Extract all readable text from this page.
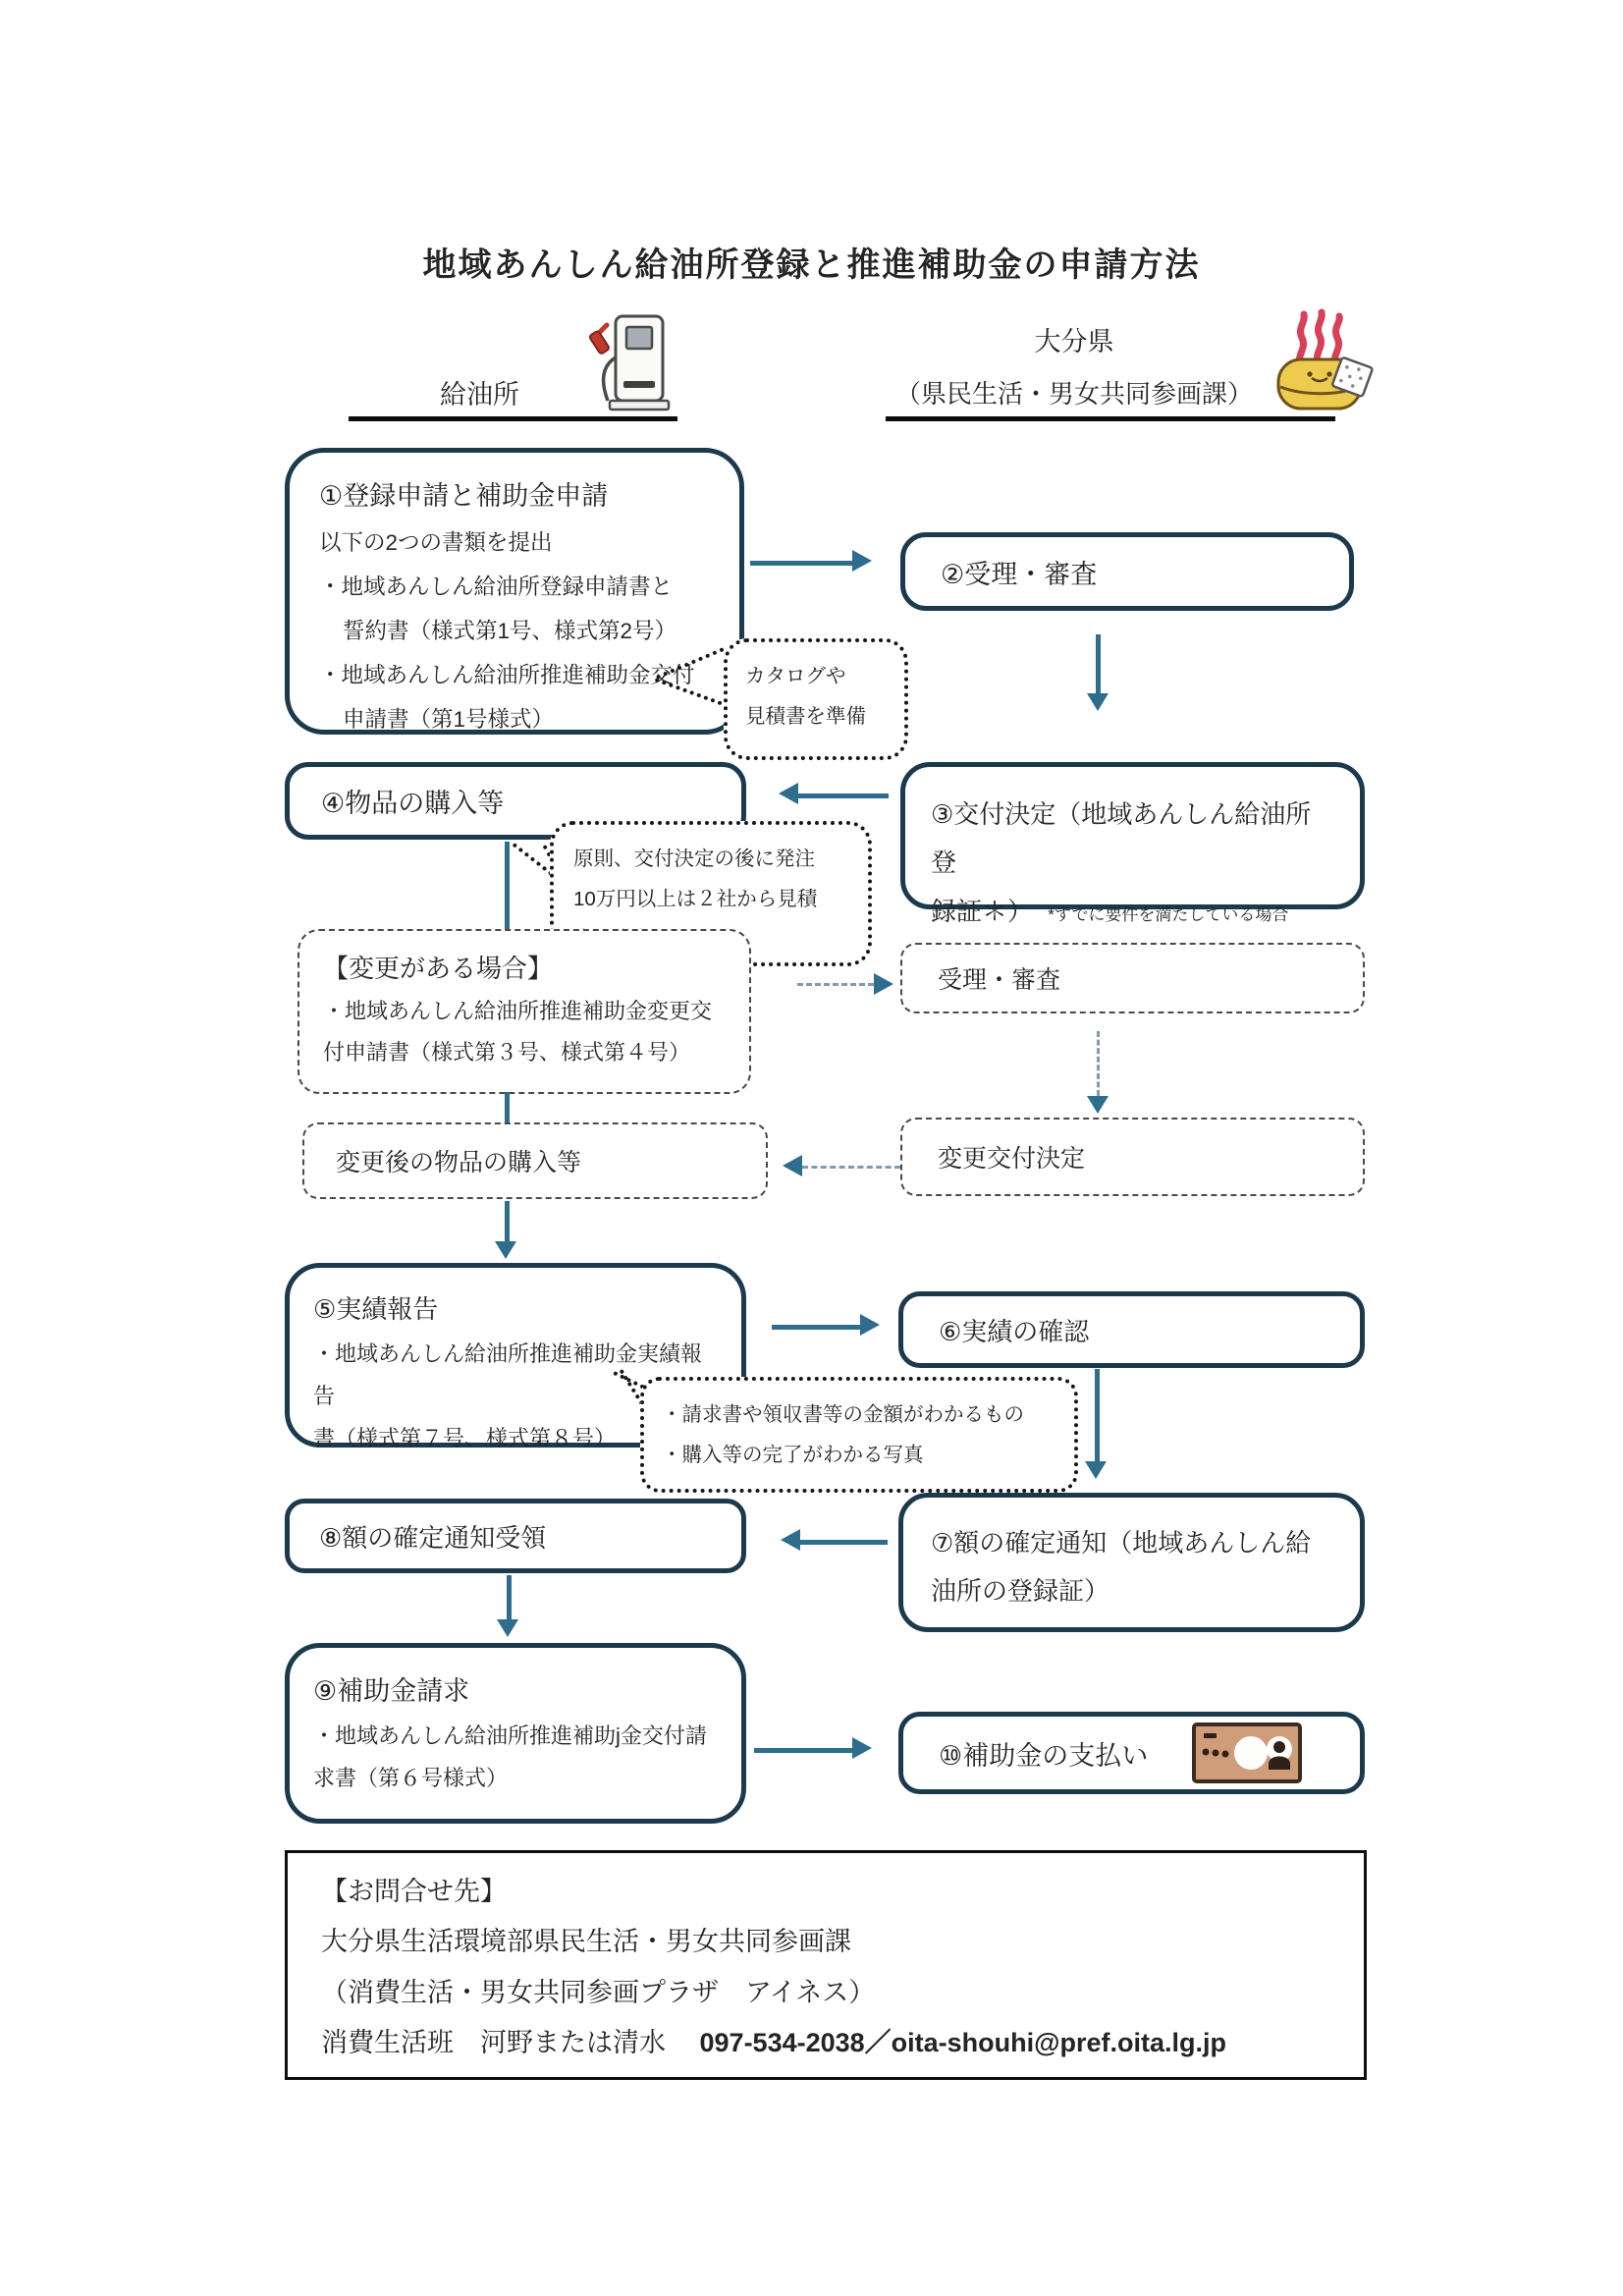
地域あんしん給油所登録と推進補助金の申請方法
給油所
大分県
（県民生活・男女共同参画課）
①登録申請と補助金申請
以下の2つの書類を提出
・地域あんしん給油所登録申請書と
誓約書（様式第1号、様式第2号）
・地域あんしん給油所推進補助金交付
申請書（第1号様式）
②受理・審査
カタログや
見積書を準備
④物品の購入等	③交付決定（地域あんしん給油所登
録証＊） *すでに要件を満たしている場合
原則、交付決定の後に発注
10万円以上は２社から見積
【変更がある場合】
・地域あんしん給油所推進補助金変更交
付申請書（様式第３号、様式第４号）
受理・審査
変更交付決定
変更後の物品の購入等
⑤実績報告
・地域あんしん給油所推進補助金実績報告
書（様式第７号、様式第８号）
⑥実績の確認
・請求書や領収書等の金額がわかるもの
・購入等の完了がわかる写真
⑧額の確定通知受領	⑦額の確定通知（地域あんしん給
油所の登録証）
⑨補助金請求
・地域あんしん給油所推進補助j金交付請
求書（第６号様式）
⑩補助金の支払い
【お問合せ先】
大分県生活環境部県民生活・男女共同参画課
（消費生活・男女共同参画プラザ　アイネス）
消費生活班　河野または清水　 097-534-2038／oita-shouhi@pref.oita.lg.jp
